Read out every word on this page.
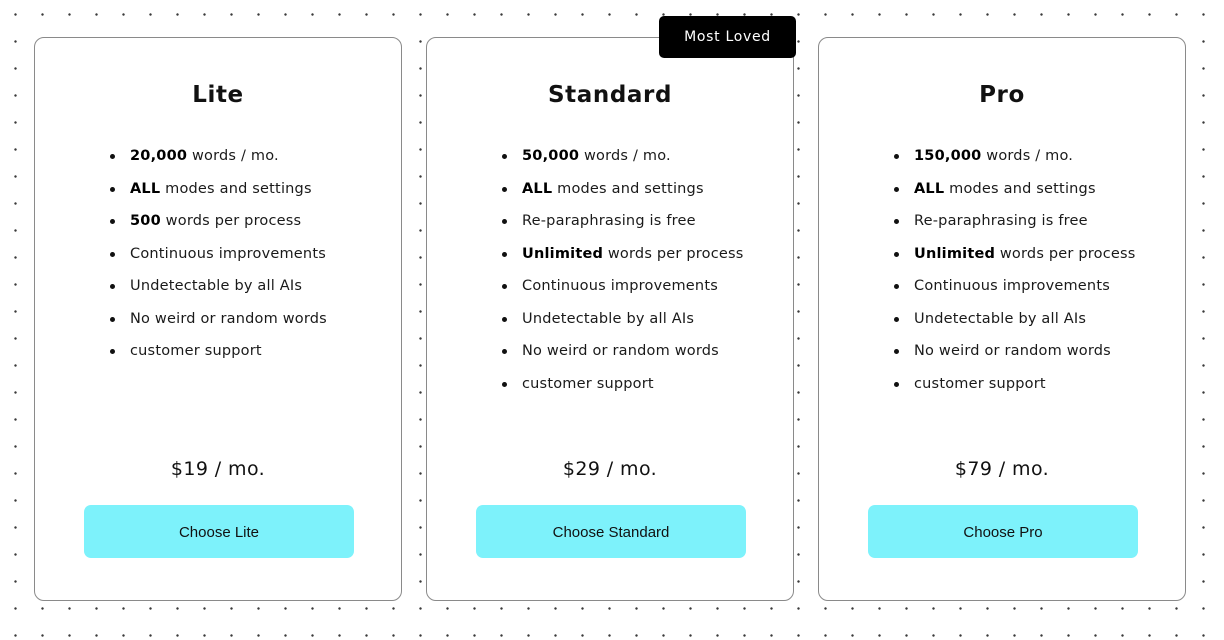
Lite
20,000 words / mo.
ALL modes and settings
500 words per process
Continuous improvements
Undetectable by all AIs
No weird or random words
customer support
$19 / mo.
Choose Lite
Standard
50,000 words / mo.
ALL modes and settings
Re-paraphrasing is free
Unlimited words per process
Continuous improvements
Undetectable by all AIs
No weird or random words
customer support
$29 / mo.
Choose Standard
Pro
150,000 words / mo.
ALL modes and settings
Re-paraphrasing is free
Unlimited words per process
Continuous improvements
Undetectable by all AIs
No weird or random words
customer support
$79 / mo.
Choose Pro
Most Loved
